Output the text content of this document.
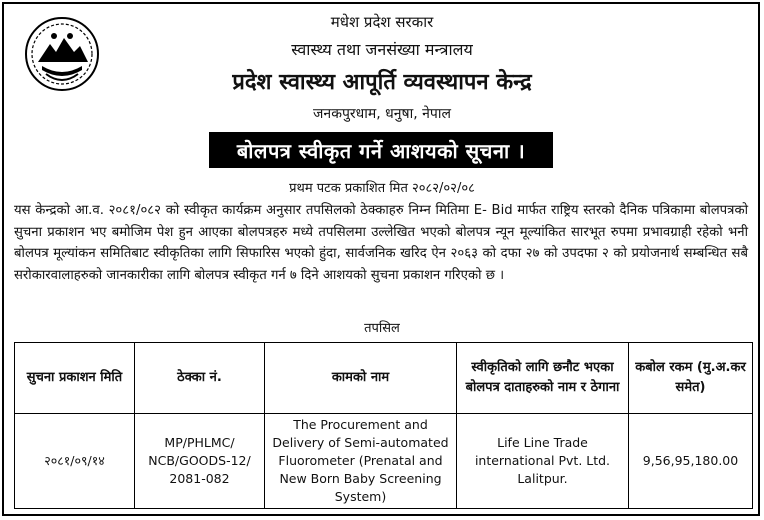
मधेश प्रदेश सरकार
स्वास्थ्य तथा जनसंख्या मन्त्रालय
प्रदेश स्वास्थ्य आपूर्ति व्यवस्थापन केन्द्र
जनकपुरधाम, धनुषा, नेपाल
बोलपत्र स्वीकृत गर्ने आशयको सूचना ।
प्रथम पटक प्रकाशित मित २०८२/०२/०८
यस केन्द्रको आ.व. २०८१/०८२ को स्वीकृत कार्यक्रम अनुसार तपसिलको ठेक्काहरु निम्न मितिमा E- Bid मार्फत राष्ट्रिय स्तरको दैनिक पत्रिकामा बोलपत्रको सुचना प्रकाशन भए बमोजिम पेश हुन आएका बोलपत्रहरु मध्ये तपसिलमा उल्लेखित भएको बोलपत्र न्यून मूल्यांकित सारभूत रुपमा प्रभावग्राही रहेको भनी बोलपत्र मूल्यांकन समितिबाट स्वीकृतिका लागि सिफारिस भएको हुंदा, सार्वजनिक खरिद ऐन २०६३ को दफा २७ को उपदफा २ को प्रयोजनार्थ सम्बन्धित सबै सरोकारवालाहरुको जानकारीका लागि बोलपत्र स्वीकृत गर्न ७ दिने आशयको सुचना प्रकाशन गरिएको छ ।
तपसिल
सुचना प्रकाशन मिति	ठेक्का नं.	कामको नाम	स्वीकृतिको लागि छनौट भएका बोलपत्र दाताहरुको नाम र ठेगाना	कबोल रकम (मु.अ.कर समेत)
२०८१/०९/१४	MP/PHLMC/ NCB/GOODS-12/ 2081-082	The Procurement and Delivery of Semi-automated Fluorometer (Prenatal and New Born Baby Screening System)	Life Line Trade international Pvt. Ltd. Lalitpur.	9,56,95,180.00
